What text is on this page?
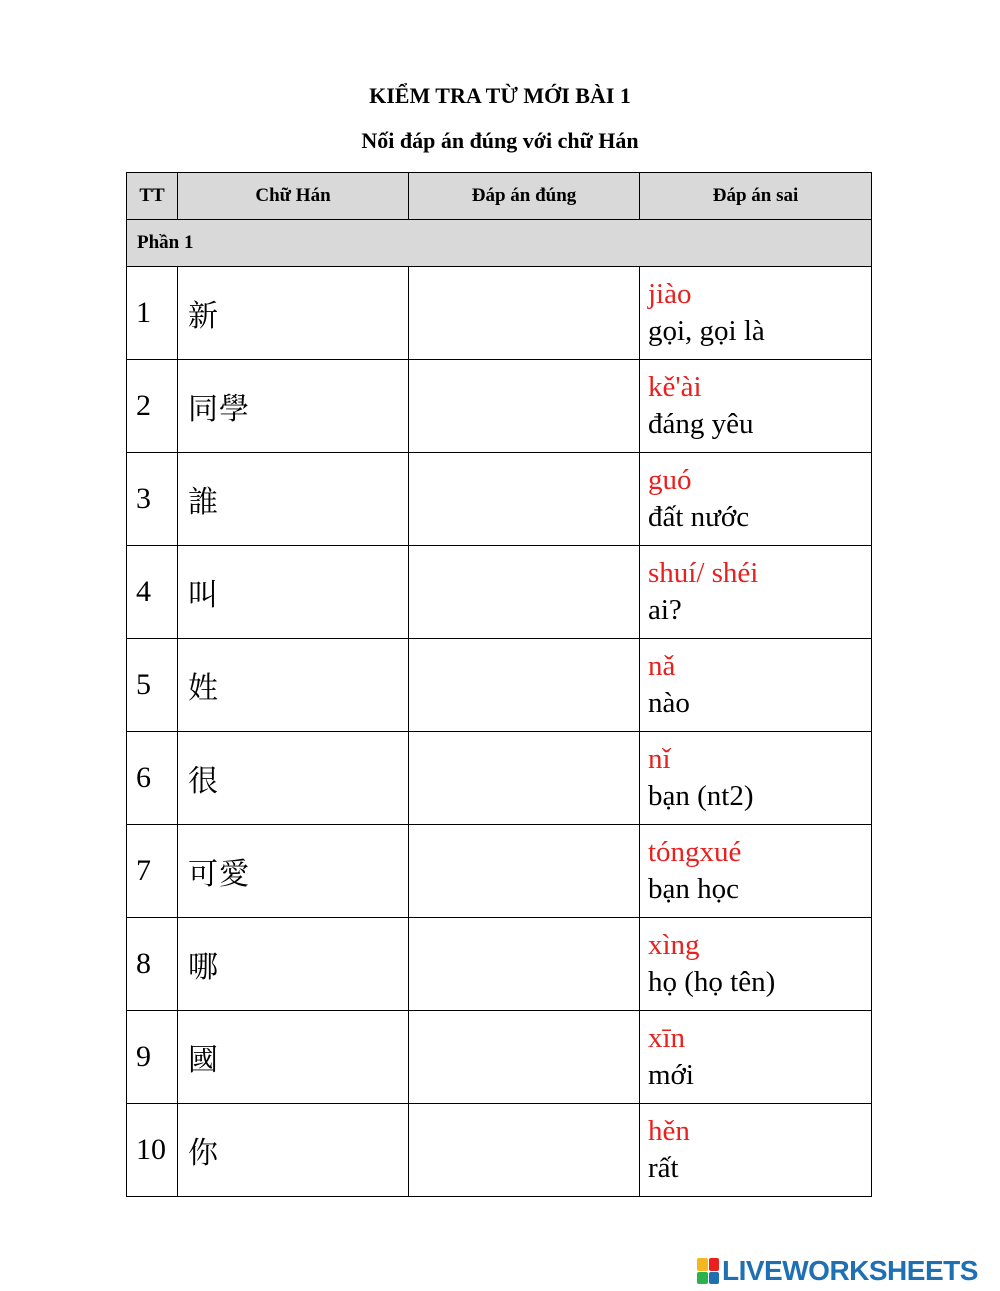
KIỂM TRA TỪ MỚI BÀI 1
Nối đáp án đúng với chữ Hán
TT	Chữ Hán	Đáp án đúng	Đáp án sai
Phần 1			
1	新		jiào
gọi, gọi là

2	同學		kě'ài
đáng yêu

3	誰		guó
đất nước

4	叫		shuí/ shéi
ai?

5	姓		nǎ
nào

6	很		nǐ
bạn (nt2)

7	可愛		tóngxué
bạn học

8	哪		xìng
họ (họ tên)

9	國		xīn
mới

10	你		hěn
rất
LIVEWORKSHEETS
